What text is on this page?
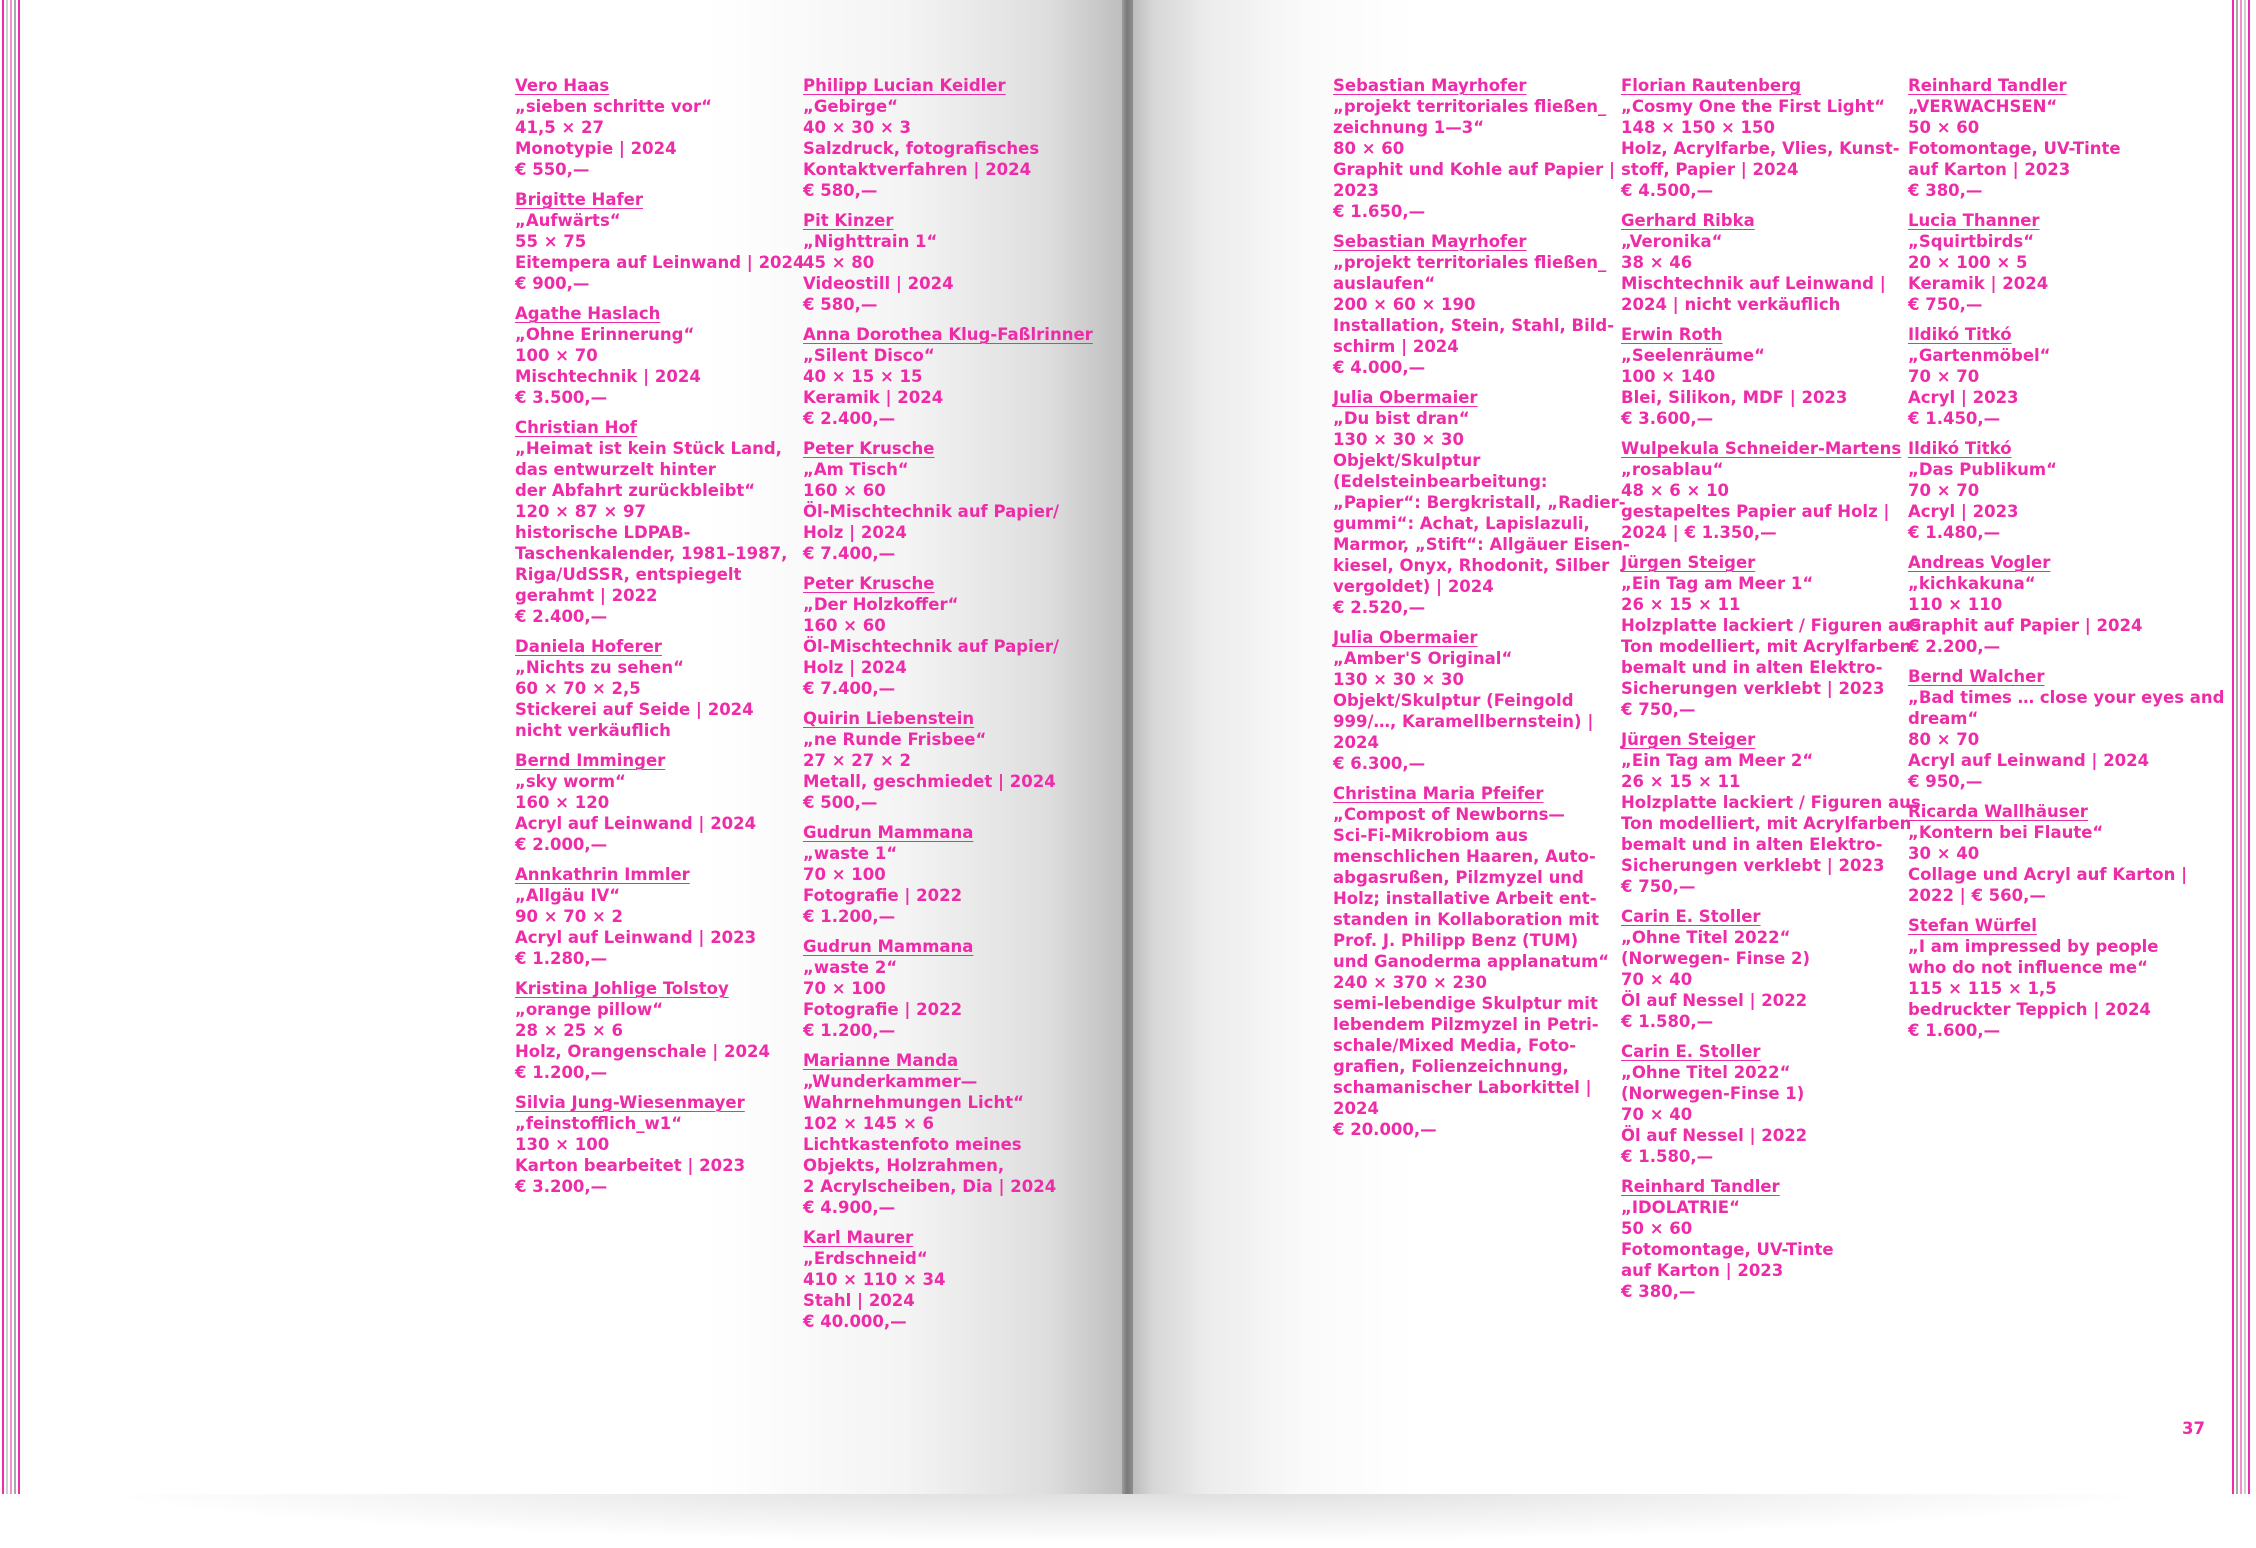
Vero Haas
„sieben schritte vor“
41,5 × 27
Monotypie | 2024
€ 550,—
Brigitte Hafer
„Aufwärts“
55 × 75
Eitempera auf Leinwand | 2024
€ 900,—
Agathe Haslach
„Ohne Erinnerung“
100 × 70
Mischtechnik | 2024
€ 3.500,—
Christian Hof
„Heimat ist kein Stück Land,
das entwurzelt hinter
der Abfahrt zurückbleibt“
120 × 87 × 97
historische LDPAB-
Taschenkalender, 1981–1987,
Riga/UdSSR, entspiegelt
gerahmt | 2022
€ 2.400,—
Daniela Hoferer
„Nichts zu sehen“
60 × 70 × 2,5
Stickerei auf Seide | 2024
nicht verkäuflich
Bernd Imminger
„sky worm“
160 × 120
Acryl auf Leinwand | 2024
€ 2.000,—
Annkathrin Immler
„Allgäu IV“
90 × 70 × 2
Acryl auf Leinwand | 2023
€ 1.280,—
Kristina Johlige Tolstoy
„orange pillow“
28 × 25 × 6
Holz, Orangenschale | 2024
€ 1.200,—
Silvia Jung-Wiesenmayer
„feinstofflich_w1“
130 × 100
Karton bearbeitet | 2023
€ 3.200,—
Philipp Lucian Keidler
„Gebirge“
40 × 30 × 3
Salzdruck, fotografisches
Kontaktverfahren | 2024
€ 580,—
Pit Kinzer
„Nighttrain 1“
45 × 80
Videostill | 2024
€ 580,—
Anna Dorothea Klug-Faßlrinner
„Silent Disco“
40 × 15 × 15
Keramik | 2024
€ 2.400,—
Peter Krusche
„Am Tisch“
160 × 60
Öl-Mischtechnik auf Papier/
Holz | 2024
€ 7.400,—
Peter Krusche
„Der Holzkoffer“
160 × 60
Öl-Mischtechnik auf Papier/
Holz | 2024
€ 7.400,—
Quirin Liebenstein
„ne Runde Frisbee“
27 × 27 × 2
Metall, geschmiedet | 2024
€ 500,—
Gudrun Mammana
„waste 1“
70 × 100
Fotografie | 2022
€ 1.200,—
Gudrun Mammana
„waste 2“
70 × 100
Fotografie | 2022
€ 1.200,—
Marianne Manda
„Wunderkammer—
Wahrnehmungen Licht“
102 × 145 × 6
Lichtkastenfoto meines
Objekts, Holzrahmen,
2 Acrylscheiben, Dia | 2024
€ 4.900,—
Karl Maurer
„Erdschneid“
410 × 110 × 34
Stahl | 2024
€ 40.000,—
Sebastian Mayrhofer
„projekt territoriales fließen_
zeichnung 1—3“
80 × 60
Graphit und Kohle auf Papier |
2023
€ 1.650,—
Sebastian Mayrhofer
„projekt territoriales fließen_
auslaufen“
200 × 60 × 190
Installation, Stein, Stahl, Bild-
schirm | 2024
€ 4.000,—
Julia Obermaier
„Du bist dran“
130 × 30 × 30
Objekt/Skulptur
(Edelsteinbearbeitung:
„Papier“: Bergkristall, „Radier-
gummi“: Achat, Lapislazuli,
Marmor, „Stift“: Allgäuer Eisen-
kiesel, Onyx, Rhodonit, Silber
vergoldet) | 2024
€ 2.520,—
Julia Obermaier
„Amber'S Original“
130 × 30 × 30
Objekt/Skulptur (Feingold
999/…, Karamellbernstein) |
2024
€ 6.300,—
Christina Maria Pfeifer
„Compost of Newborns—
Sci-Fi-Mikrobiom aus
menschlichen Haaren, Auto-
abgasrußen, Pilzmyzel und
Holz; installative Arbeit ent-
standen in Kollaboration mit
Prof. J. Philipp Benz (TUM)
und Ganoderma applanatum“
240 × 370 × 230
semi-lebendige Skulptur mit
lebendem Pilzmyzel in Petri-
schale/Mixed Media, Foto-
grafien, Folienzeichnung,
schamanischer Laborkittel |
2024
€ 20.000,—
Florian Rautenberg
„Cosmy One the First Light“
148 × 150 × 150
Holz, Acrylfarbe, Vlies, Kunst-
stoff, Papier | 2024
€ 4.500,—
Gerhard Ribka
„Veronika“
38 × 46
Mischtechnik auf Leinwand |
2024 | nicht verkäuflich
Erwin Roth
„Seelenräume“
100 × 140
Blei, Silikon, MDF | 2023
€ 3.600,—
Wulpekula Schneider-Martens
„rosablau“
48 × 6 × 10
gestapeltes Papier auf Holz |
2024 | € 1.350,—
Jürgen Steiger
„Ein Tag am Meer 1“
26 × 15 × 11
Holzplatte lackiert / Figuren aus
Ton modelliert, mit Acrylfarben
bemalt und in alten Elektro-
Sicherungen verklebt | 2023
€ 750,—
Jürgen Steiger
„Ein Tag am Meer 2“
26 × 15 × 11
Holzplatte lackiert / Figuren aus
Ton modelliert, mit Acrylfarben
bemalt und in alten Elektro-
Sicherungen verklebt | 2023
€ 750,—
Carin E. Stoller
„Ohne Titel 2022“
(Norwegen- Finse 2)
70 × 40
Öl auf Nessel | 2022
€ 1.580,—
Carin E. Stoller
„Ohne Titel 2022“
(Norwegen-Finse 1)
70 × 40
Öl auf Nessel | 2022
€ 1.580,—
Reinhard Tandler
„IDOLATRIE“
50 × 60
Fotomontage, UV-Tinte
auf Karton | 2023
€ 380,—
Reinhard Tandler
„VERWACHSEN“
50 × 60
Fotomontage, UV-Tinte
auf Karton | 2023
€ 380,—
Lucia Thanner
„Squirtbirds“
20 × 100 × 5
Keramik | 2024
€ 750,—
Ildikó Titkó
„Gartenmöbel“
70 × 70
Acryl | 2023
€ 1.450,—
Ildikó Titkó
„Das Publikum“
70 × 70
Acryl | 2023
€ 1.480,—
Andreas Vogler
„kichkakuna“
110 × 110
Graphit auf Papier | 2024
€ 2.200,—
Bernd Walcher
„Bad times … close your eyes and
dream“
80 × 70
Acryl auf Leinwand | 2024
€ 950,—
Ricarda Wallhäuser
„Kontern bei Flaute“
30 × 40
Collage und Acryl auf Karton |
2022 | € 560,—
Stefan Würfel
„I am impressed by people
who do not influence me“
115 × 115 × 1,5
bedruckter Teppich | 2024
€ 1.600,—
37
